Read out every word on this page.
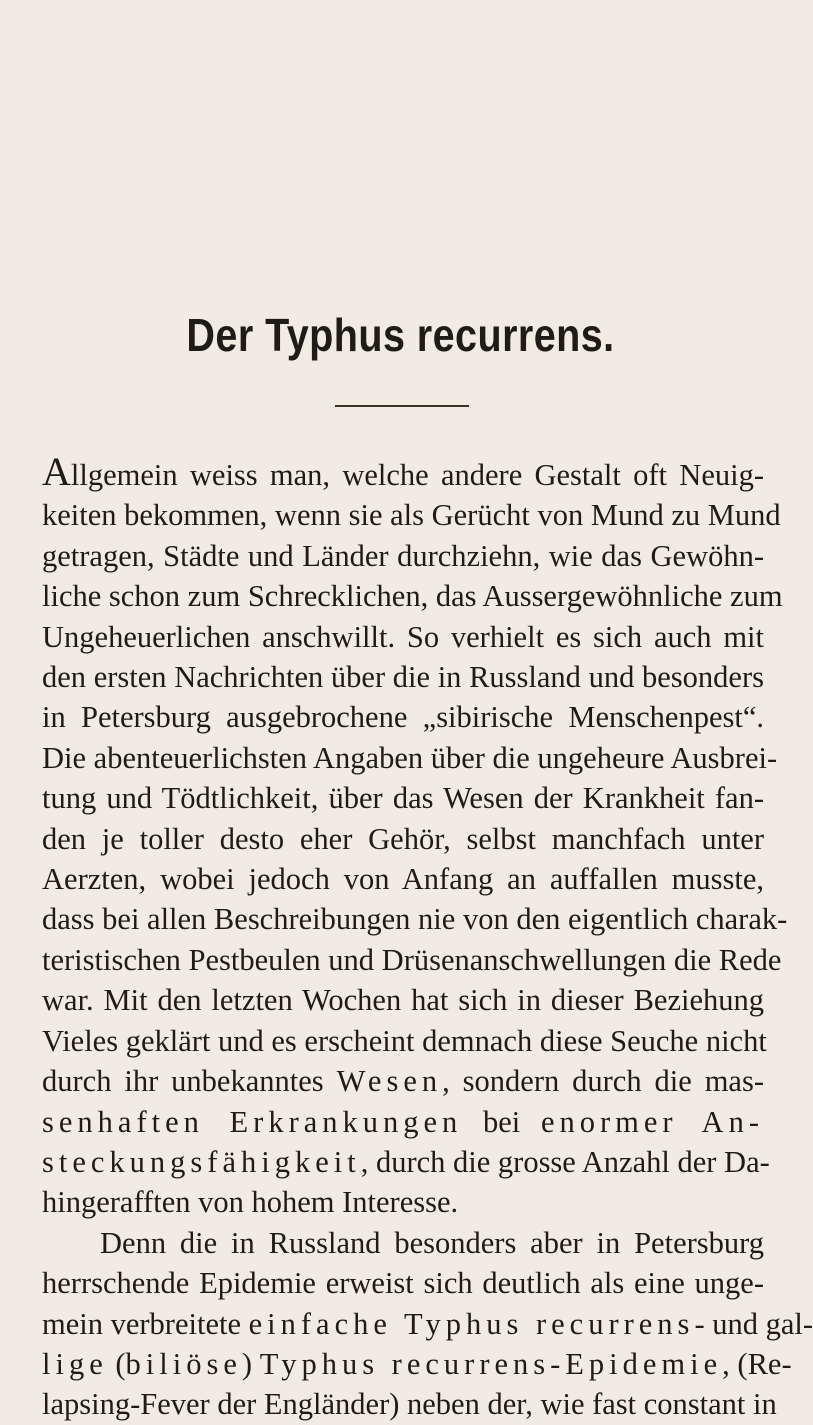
Der Typhus recurrens.
Allgemein weiss man, welche andere Gestalt oft Neuig-
keiten bekommen, wenn sie als Gerücht von Mund zu Mund
getragen, Städte und Länder durchziehn, wie das Gewöhn-
liche schon zum Schrecklichen, das Aussergewöhnliche zum
Ungeheuerlichen anschwillt. So verhielt es sich auch mit
den ersten Nachrichten über die in Russland und besonders
in Petersburg ausgebrochene „sibirische Menschenpest“.
Die abenteuerlichsten Angaben über die ungeheure Ausbrei-
tung und Tödtlichkeit, über das Wesen der Krankheit fan-
den je toller desto eher Gehör, selbst manchfach unter
Aerzten, wobei jedoch von Anfang an auffallen musste,
dass bei allen Beschreibungen nie von den eigentlich charak-
teristischen Pestbeulen und Drüsenanschwellungen die Rede
war. Mit den letzten Wochen hat sich in dieser Beziehung
Vieles geklärt und es erscheint demnach diese Seuche nicht
durch ihr unbekanntes Wesen, sondern durch die mas-
senhaften Erkrankungen bei enormer An-
steckungsfähigkeit, durch die grosse Anzahl der Da-
hingerafften von hohem Interesse.
Denn die in Russland besonders aber in Petersburg
herrschende Epidemie erweist sich deutlich als eine unge-
mein verbreitete einfache Typhus recurrens- und gal-
lige (biliöse) Typhus recurrens-Epidemie, (Re-
lapsing-Fever der Engländer) neben der, wie fast constant in
